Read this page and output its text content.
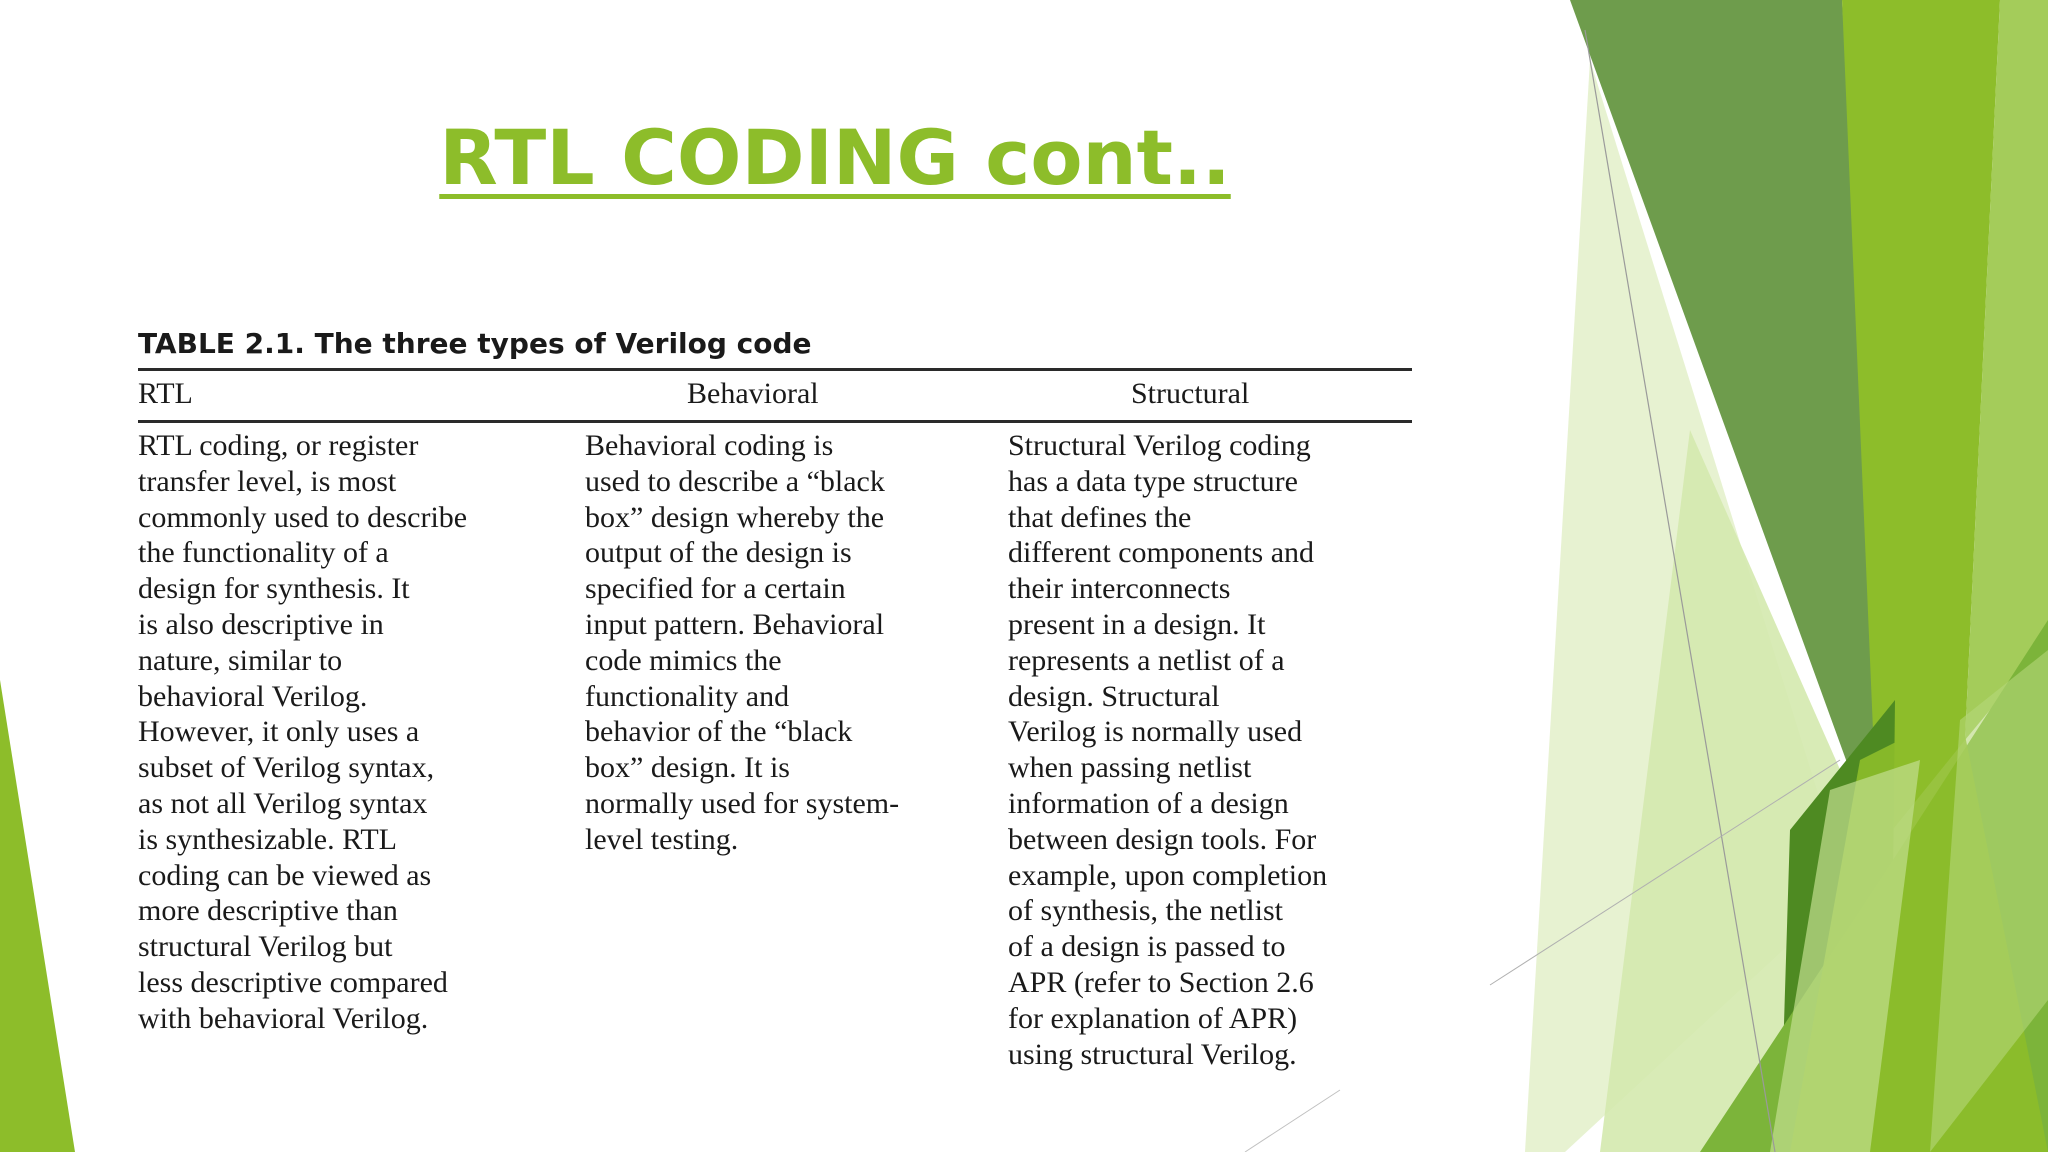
RTL CODING cont..
TABLE 2.1. The three types of Verilog code
RTL	Behavioral	Structural

RTL coding, or register
transfer level, is most
commonly used to describe
the functionality of a
design for synthesis. It
is also descriptive in
nature, similar to
behavioral Verilog.
However, it only uses a
subset of Verilog syntax,
as not all Verilog syntax
is synthesizable. RTL
coding can be viewed as
more descriptive than
structural Verilog but
less descriptive compared
with behavioral Verilog.

Behavioral coding is
used to describe a “black
box” design whereby the
output of the design is
specified for a certain
input pattern. Behavioral
code mimics the
functionality and
behavior of the “black
box” design. It is
normally used for system-
level testing.

Structural Verilog coding
has a data type structure
that defines the
different components and
their interconnects
present in a design. It
represents a netlist of a
design. Structural
Verilog is normally used
when passing netlist
information of a design
between design tools. For
example, upon completion
of synthesis, the netlist
of a design is passed to
APR (refer to Section 2.6
for explanation of APR)
using structural Verilog.
